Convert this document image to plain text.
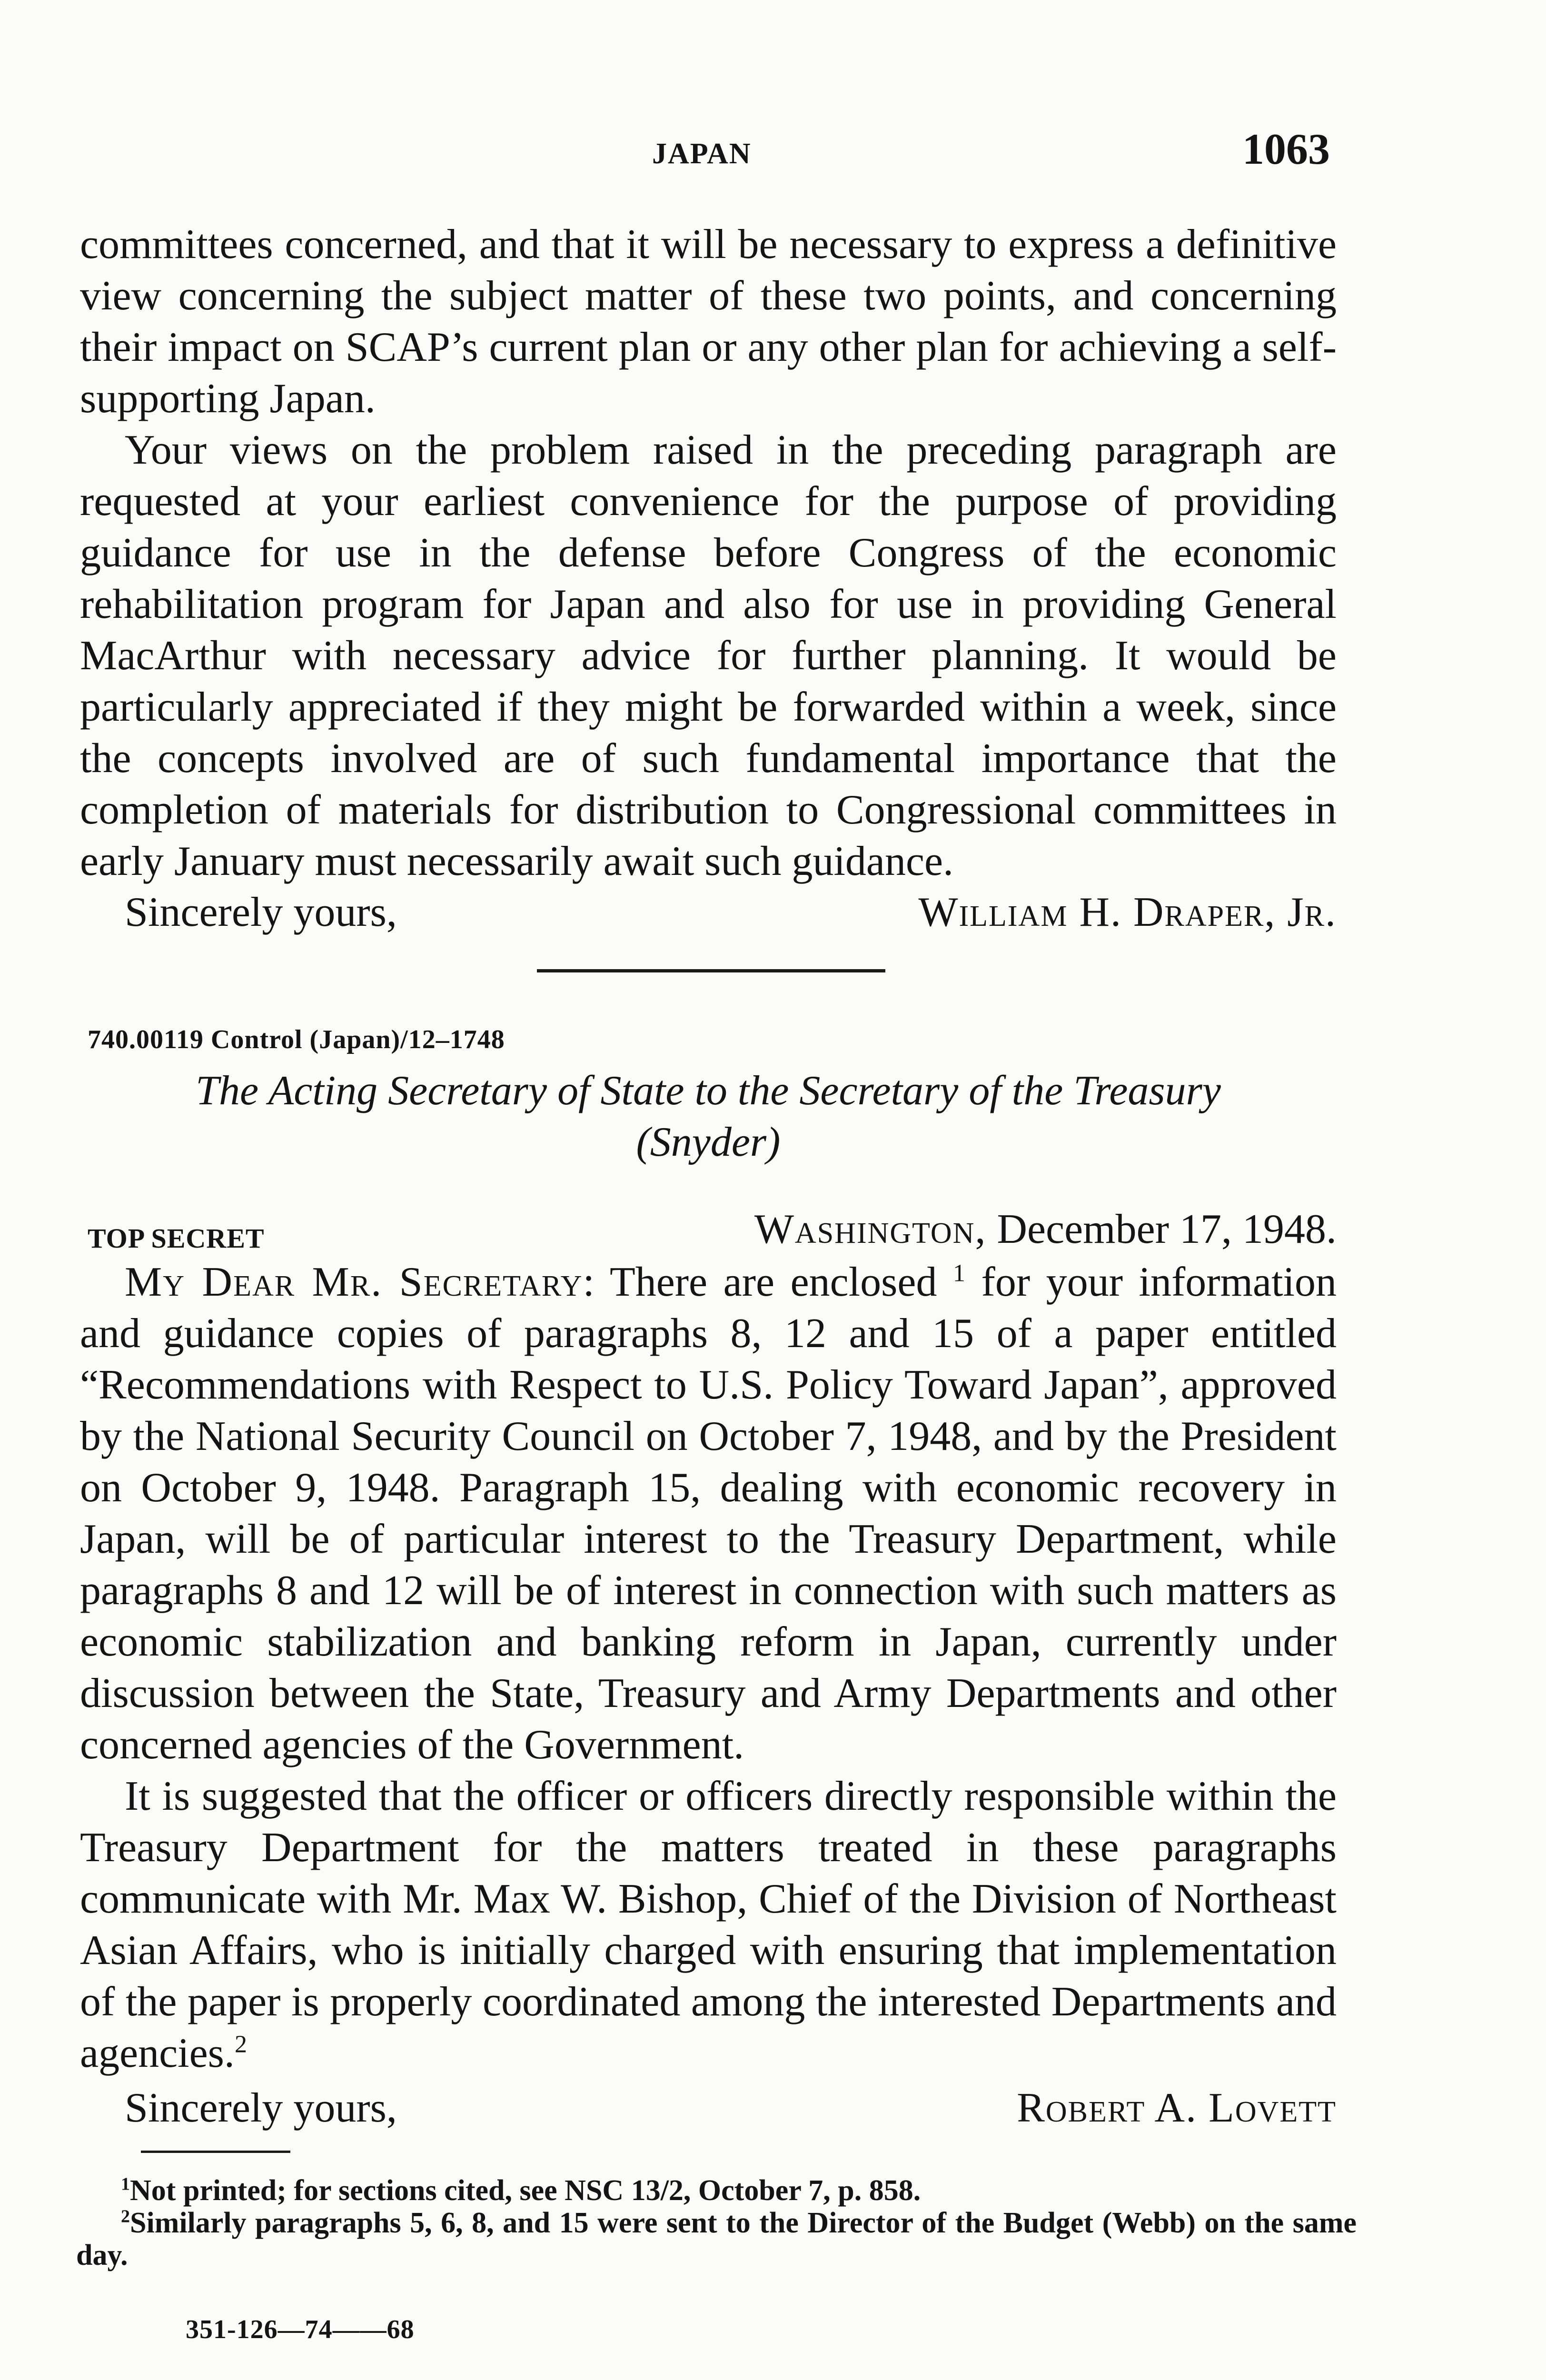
JAPAN	1063

committees concerned, and that it will be necessary to express a definitive view concerning the subject matter of these two points, and concerning their impact on SCAP’s current plan or any other plan for achieving a self-supporting Japan.

Your views on the problem raised in the preceding paragraph are requested at your earliest convenience for the purpose of providing guidance for use in the defense before Congress of the economic rehabilitation program for Japan and also for use in providing General MacArthur with necessary advice for further planning. It would be particularly appreciated if they might be forwarded within a week, since the concepts involved are of such fundamental importance that the completion of materials for distribution to Congressional committees in early January must necessarily await such guidance.

Sincerely yours,	William H. Draper, Jr.
740.00119 Control (Japan)/12–1748
The Acting Secretary of State to the Secretary of the Treasury
(Snyder)
TOP SECRET	Washington, December 17, 1948.

My Dear Mr. Secretary: There are enclosed $^1$ for your information and guidance copies of paragraphs 8, 12 and 15 of a paper entitled “Recommendations with Respect to U.S. Policy Toward Japan”, approved by the National Security Council on October 7, 1948, and by the President on October 9, 1948. Paragraph 15, dealing with economic recovery in Japan, will be of particular interest to the Treasury Department, while paragraphs 8 and 12 will be of interest in connection with such matters as economic stabilization and banking reform in Japan, currently under discussion between the State, Treasury and Army Departments and other concerned agencies of the Government.

It is suggested that the officer or officers directly responsible within the Treasury Department for the matters treated in these paragraphs communicate with Mr. Max W. Bishop, Chief of the Division of Northeast Asian Affairs, who is initially charged with ensuring that implementation of the paper is properly coordinated among the interested Departments and agencies.$^2$

Sincerely yours,	Robert A. Lovett

$^1$Not printed; for sections cited, see NSC 13/2, October 7, p. 858.

$^2$Similarly paragraphs 5, 6, 8, and 15 were sent to the Director of the Budget (Webb) on the same day.

351-126—74——68
